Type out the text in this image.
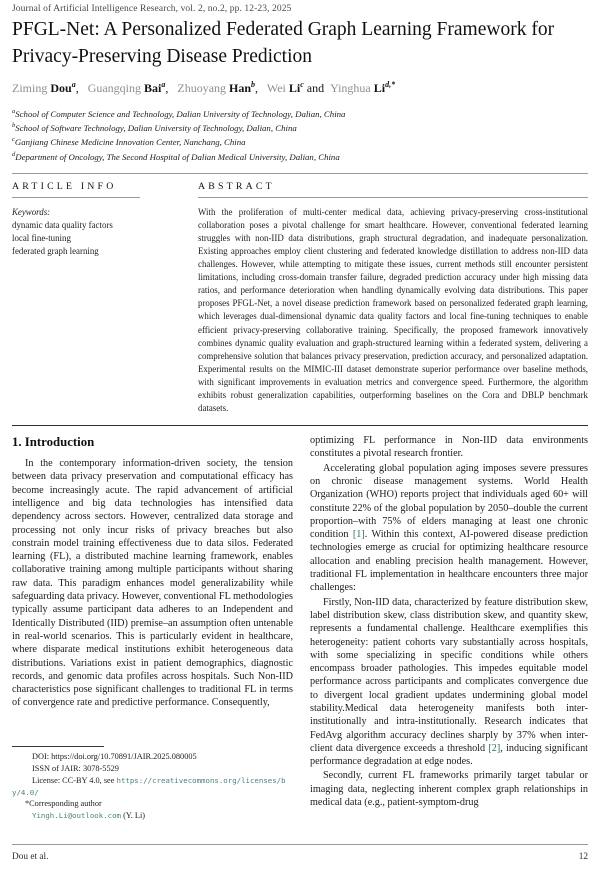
Journal of Artificial Intelligence Research, vol. 2, no.2, pp. 12-23, 2025
PFGL-Net: A Personalized Federated Graph Learning Framework for Privacy-Preserving Disease Prediction
Ziming Dou$^a$,  Guangqing Bai$^a$,  Zhuoyang Han$^b$,  Wei Li$^c$ and Yinghua $Li^{d,*}$
$^a$School of Computer Science and Technology, Dalian University of Technology, Dalian, China
$^b$School of Software Technology, Dalian University of Technology, Dalian, China
$^c$Ganjiang Chinese Medicine Innovation Center, Nanchang, China
$^d$Department of Oncology, The Second Hospital of Dalian Medical University, Dalian, China
ARTICLE INFO
Keywords:
dynamic data quality factors
local fine-tuning
federated graph learning
ABSTRACT

With the proliferation of multi-center medical data, achieving privacy-preserving cross-institutional collaboration poses a pivotal challenge for smart healthcare. However, conventional federated learning struggles with non-IID data distributions, graph structural degradation, and inadequate personalization. Existing approaches employ client clustering and federated knowledge distillation to address non-IID data challenges. However, while attempting to mitigate these issues, current methods still encounter persistent limitations, including cross-domain transfer failure, degraded prediction accuracy under high missing data ratios, and performance deterioration when handling dynamically evolving data distributions. This paper proposes PFGL-Net, a novel disease prediction framework based on personalized federated graph learning, which leverages dual-dimensional dynamic data quality factors and local fine-tuning techniques to enable efficient privacy-preserving collaborative training. Specifically, the proposed framework innovatively combines dynamic quality evaluation and graph-structured learning within a federated system, delivering a comprehensive solution that balances privacy preservation, prediction accuracy, and personalized adaptation. Experimental results on the MIMIC-III dataset demonstrate superior performance over baseline methods, with significant improvements in evaluation metrics and convergence speed. Furthermore, the algorithm exhibits robust generalization capabilities, outperforming baselines on the Cora and DBLP benchmark datasets.

1. Introduction

In the contemporary information-driven society, the tension between data privacy preservation and computational efficacy has become increasingly acute. The rapid advancement of artificial intelligence and big data technologies has intensified data dependency across sectors. However, centralized data storage and processing not only incur risks of privacy breaches but also constrain model training effectiveness due to data silos. Federated learning (FL), a distributed machine learning framework, enables collaborative training among multiple participants without sharing raw data. This paradigm enhances model generalizability while safeguarding data privacy. However, conventional FL methodologies typically assume participant data adheres to an Independent and Identically Distributed (IID) premise–an assumption often untenable in real-world scenarios. This is particularly evident in healthcare, where disparate medical institutions exhibit heterogeneous data distributions. Variations exist in patient demographics, diagnostic records, and genomic data profiles across hospitals. Such Non-IID characteristics pose significant challenges to traditional FL in terms of convergence rate and predictive performance. Consequently,

DOI: https://doi.org/10.70891/JAIR.2025.080005
ISSN of JAIR: 3078-5529
License: CC-BY 4.0, see https://creativecommons.org/licenses/by/4.0/
*Corresponding author
Yingh.Li@outlook.com (Y. Li)

optimizing FL performance in Non-IID data environments constitutes a pivotal research frontier.

Accelerating global population aging imposes severe pressures on chronic disease management systems. World Health Organization (WHO) reports project that individuals aged 60+ will constitute 22% of the global population by 2050–double the current proportion–with 75% of elders managing at least one chronic condition [1]. Within this context, AI-powered disease prediction technologies emerge as crucial for optimizing healthcare resource allocation and enabling precision health management. However, traditional FL implementation in healthcare encounters three major challenges:

Firstly, Non-IID data, characterized by feature distribution skew, label distribution skew, class distribution skew, and quantity skew, represents a fundamental challenge. Healthcare exemplifies this heterogeneity: patient cohorts vary substantially across hospitals, with some specializing in specific conditions while others encompass broader pathologies. This impedes equitable model performance across participants and complicates convergence due to divergent local gradient updates undermining global model stability.Medical data heterogeneity manifests both inter-institutionally and intra-institutionally. Research indicates that FedAvg algorithm accuracy declines sharply by 37% when inter-client data divergence exceeds a threshold [2], inducing significant performance degradation at edge nodes.

Secondly, current FL frameworks primarily target tabular or imaging data, neglecting inherent complex graph relationships in medical data (e.g., patient-symptom-drug

Dou et al.	12
